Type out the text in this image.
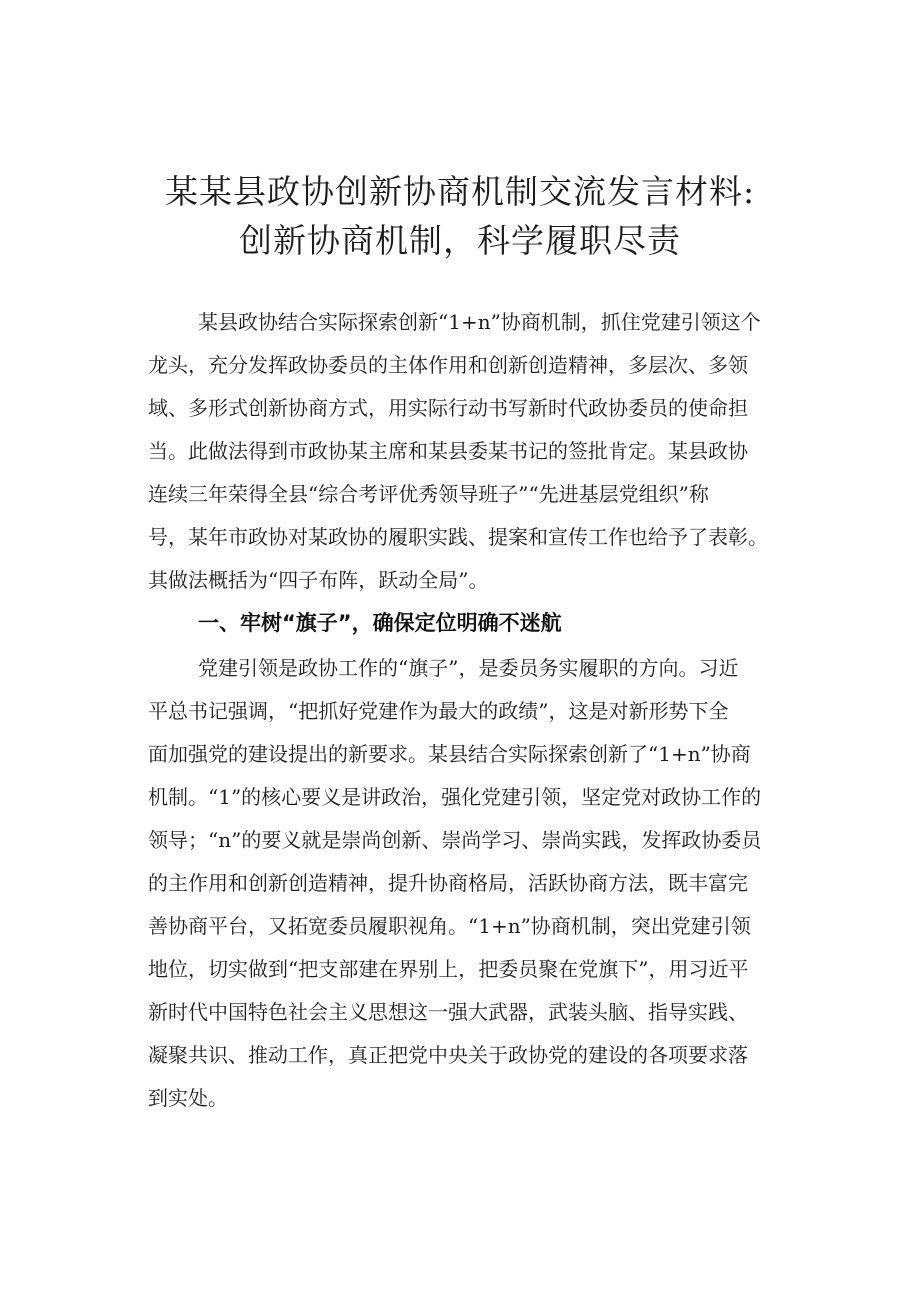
某某县政协创新协商机制交流发言材料:
创新协商机制，科学履职尽责
某县政协结合实际探索创新“1+n”协商机制，抓住党建引领这个
龙头，充分发挥政协委员的主体作用和创新创造精神，多层次、多领
域、多形式创新协商方式，用实际行动书写新时代政协委员的使命担
当。此做法得到市政协某主席和某县委某书记的签批肯定。某县政协
连续三年荣得全县“综合考评优秀领导班子”“先进基层党组织”称
号，某年市政协对某政协的履职实践、提案和宣传工作也给予了表彰。
其做法概括为“四子布阵，跃动全局”。
一、牢树“旗子”，确保定位明确不迷航
党建引领是政协工作的“旗子”，是委员务实履职的方向。习近
平总书记强调，“把抓好党建作为最大的政绩”，这是对新形势下全
面加强党的建设提出的新要求。某县结合实际探索创新了“1+n”协商
机制。“1”的核心要义是讲政治，强化党建引领，坚定党对政协工作的
领导；“n”的要义就是崇尚创新、崇尚学习、崇尚实践，发挥政协委员
的主作用和创新创造精神，提升协商格局，活跃协商方法，既丰富完
善协商平台，又拓宽委员履职视角。“1+n”协商机制，突出党建引领
地位，切实做到“把支部建在界别上，把委员聚在党旗下”，用习近平
新时代中国特色社会主义思想这一强大武器，武装头脑、指导实践、
凝聚共识、推动工作，真正把党中央关于政协党的建设的各项要求落
到实处。
